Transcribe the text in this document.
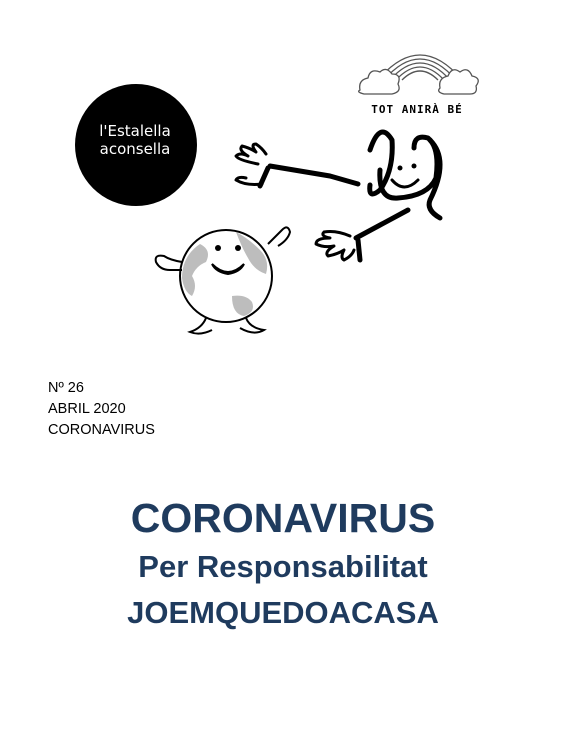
l'Estalella
aconsella
TOT ANIRÀ BÉ
Nº 26
ABRIL 2020
CORONAVIRUS
CORONAVIRUS
Per Responsabilitat
JOEMQUEDOACASA
